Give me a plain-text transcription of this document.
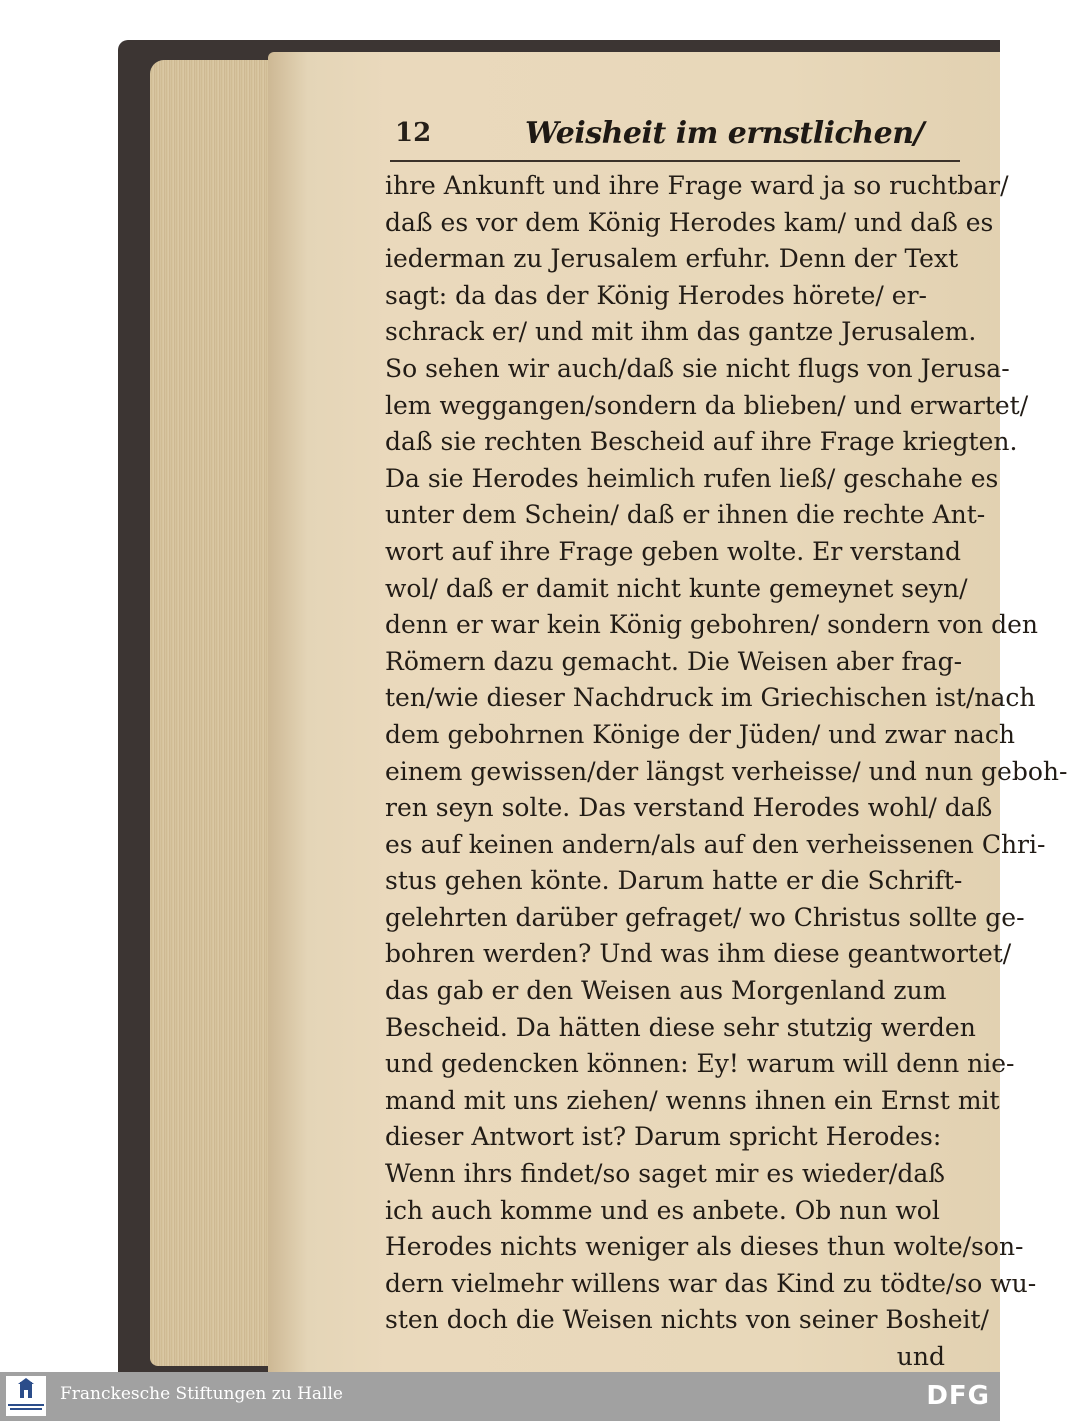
12	Weisheit im ernstlichen/
ihre Ankunft und ihre Frage ward ja so ruchtbar/
daß es vor dem König Herodes kam/ und daß es
iederman zu Jerusalem erfuhr. Denn der Text
sagt: da das der König Herodes hörete/ er-
schrack er/ und mit ihm das gantze Jerusalem.
So sehen wir auch/daß sie nicht flugs von Jerusa-
lem weggangen/sondern da blieben/ und erwartet/
daß sie rechten Bescheid auf ihre Frage kriegten.
Da sie Herodes heimlich rufen ließ/ geschahe es
unter dem Schein/ daß er ihnen die rechte Ant-
wort auf ihre Frage geben wolte. Er verstand
wol/ daß er damit nicht kunte gemeynet seyn/
denn er war kein König gebohren/ sondern von den
Römern dazu gemacht. Die Weisen aber frag-
ten/wie dieser Nachdruck im Griechischen ist/nach
dem gebohrnen Könige der Jüden/ und zwar nach
einem gewissen/der längst verheisse/ und nun geboh-
ren seyn solte. Das verstand Herodes wohl/ daß
es auf keinen andern/als auf den verheissenen Chri-
stus gehen könte. Darum hatte er die Schrift-
gelehrten darüber gefraget/ wo Christus sollte ge-
bohren werden? Und was ihm diese geantwortet/
das gab er den Weisen aus Morgenland zum
Bescheid. Da hätten diese sehr stutzig werden
und gedencken können: Ey! warum will denn nie-
mand mit uns ziehen/ wenns ihnen ein Ernst mit
dieser Antwort ist? Darum spricht Herodes:
Wenn ihrs findet/so saget mir es wieder/daß
ich auch komme und es anbete. Ob nun wol
Herodes nichts weniger als dieses thun wolte/son-
dern vielmehr willens war das Kind zu tödte/so wu-
sten doch die Weisen nichts von seiner Bosheit/
und
Franckesche Stiftungen zu Halle	DFG
